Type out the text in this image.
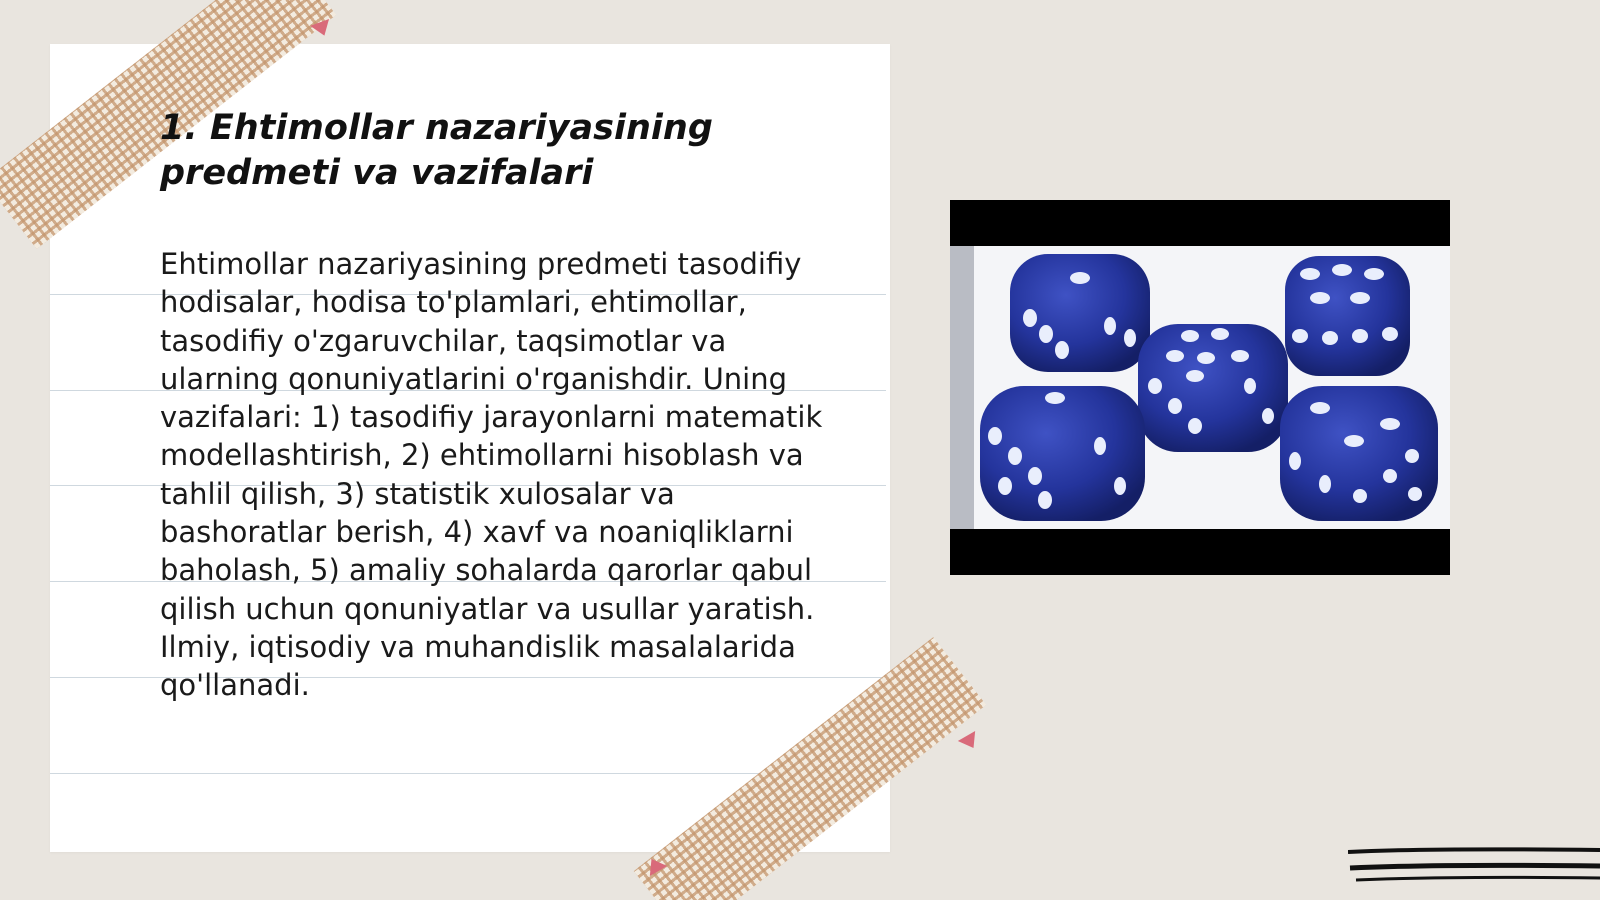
1. Ehtimollar nazariyasining predmeti va vazifalari

Ehtimollar nazariyasining predmeti tasodifiy hodisalar, hodisa to'plamlari, ehtimollar, tasodifiy o'zgaruvchilar, taqsimotlar va ularning qonuniyatlarini o'rganishdir. Uning vazifalari: 1) tasodifiy jarayonlarni matematik modellashtirish, 2) ehtimollarni hisoblash va tahlil qilish, 3) statistik xulosalar va bashoratlar berish, 4) xavf va noaniqliklarni baholash, 5) amaliy sohalarda qarorlar qabul qilish uchun qonuniyatlar va usullar yaratish. Ilmiy, iqtisodiy va muhandislik masalalarida qo'llanadi.
